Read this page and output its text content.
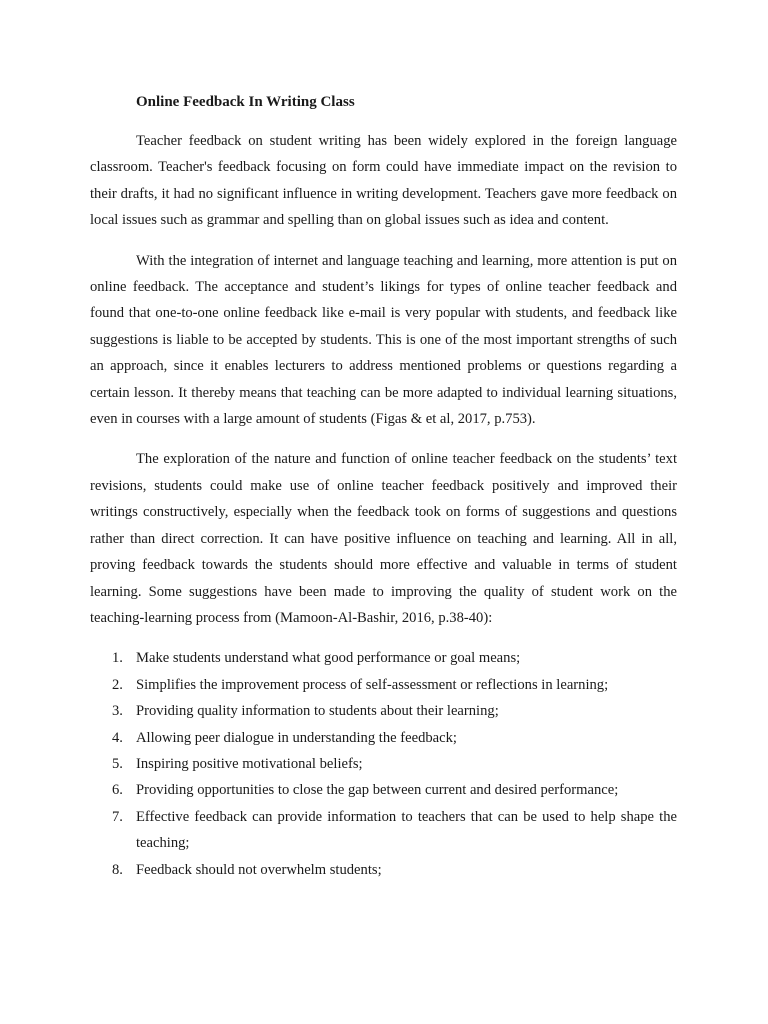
Online Feedback In Writing Class

Teacher feedback on student writing has been widely explored in the foreign language classroom. Teacher's feedback focusing on form could have immediate impact on the revision to their drafts, it had no significant influence in writing development. Teachers gave more feedback on local issues such as grammar and spelling than on global issues such as idea and content.

With the integration of internet and language teaching and learning, more attention is put on online feedback. The acceptance and student’s likings for types of online teacher feedback and found that one-to-one online feedback like e-mail is very popular with students, and feedback like suggestions is liable to be accepted by students. This is one of the most important strengths of such an approach, since it enables lecturers to address mentioned problems or questions regarding a certain lesson. It thereby means that teaching can be more adapted to individual learning situations, even in courses with a large amount of students (Figas & et al, 2017, p.753).

The exploration of the nature and function of online teacher feedback on the students’ text revisions, students could make use of online teacher feedback positively and improved their writings constructively, especially when the feedback took on forms of suggestions and questions rather than direct correction. It can have positive influence on teaching and learning. All in all, proving feedback towards the students should more effective and valuable in terms of student learning. Some suggestions have been made to improving the quality of student work on the teaching-learning process from (Mamoon-Al-Bashir, 2016, p.38-40):

1. Make students understand what good performance or goal means;
2. Simplifies the improvement process of self-assessment or reflections in learning;
3. Providing quality information to students about their learning;
4. Allowing peer dialogue in understanding the feedback;
5. Inspiring positive motivational beliefs;
6. Providing opportunities to close the gap between current and desired performance;
7. Effective feedback can provide information to teachers that can be used to help shape the teaching;
8. Feedback should not overwhelm students;
